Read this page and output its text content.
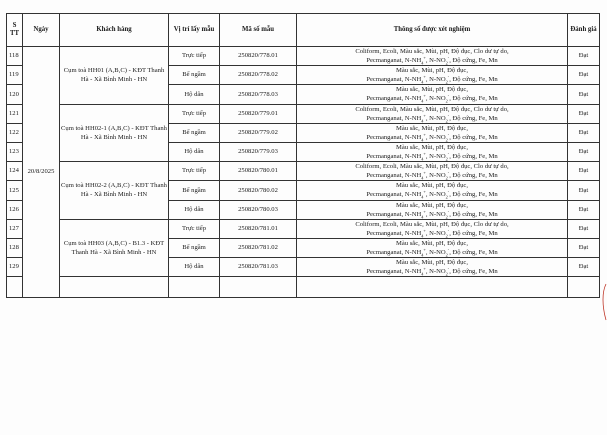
S TT	Ngày	Khách hàng	Vị trí lấy mẫu	Mã số mẫu	Thông số được xét nghiệm	Đánh giá
118	20/8/2025	Cụm toà HH01 (A,B,C) - KĐT Thanh Hà - Xã Bình Minh - HN	Trực tiếp	250820/778.01	Coliform, Ecoli, Màu sắc, Mùi, pH, Độ đục, Clo dư tự do,
Pecmanganat, $N-NH_4^+$, $N-NO_2^-$, Độ cứng, Fe, Mn	Đạt
119			Bể ngầm	250820/778.02	Màu sắc, Mùi, pH, Độ đục,
Pecmanganat, $N-NH_4^+$, $N-NO_2^-$, Độ cứng, Fe, Mn	Đạt
120			Hộ dân	250820/778.03	Màu sắc, Mùi, pH, Độ đục,
Pecmanganat, $N-NH_4^+$, $N-NO_2^-$, Độ cứng, Fe, Mn	Đạt
121		Cụm toà HH02-1 (A,B,C) - KĐT Thanh Hà - Xã Bình Minh - HN	Trực tiếp	250820/779.01	Coliform, Ecoli, Màu sắc, Mùi, pH, Độ đục, Clo dư tự do,
Pecmanganat, $N-NH_4^+$, $N-NO_2^-$, Độ cứng, Fe, Mn	Đạt
122			Bể ngầm	250820/779.02	Màu sắc, Mùi, pH, Độ đục,
Pecmanganat, $N-NH_4^+$, $N-NO_2^-$, Độ cứng, Fe, Mn	Đạt
123			Hộ dân	250820/779.03	Màu sắc, Mùi, pH, Độ đục,
Pecmanganat, $N-NH_4^+$, $N-NO_2^-$, Độ cứng, Fe, Mn	Đạt
124		Cụm toà HH02-2 (A,B,C) - KĐT Thanh Hà - Xã Bình Minh - HN	Trực tiếp	250820/780.01	Coliform, Ecoli, Màu sắc, Mùi, pH, Độ đục, Clo dư tự do,
Pecmanganat, $N-NH_4^+$, $N-NO_2^-$, Độ cứng, Fe, Mn	Đạt
125			Bể ngầm	250820/780.02	Màu sắc, Mùi, pH, Độ đục,
Pecmanganat, $N-NH_4^+$, $N-NO_2^-$, Độ cứng, Fe, Mn	Đạt
126			Hộ dân	250820/780.03	Màu sắc, Mùi, pH, Độ đục,
Pecmanganat, $N-NH_4^+$, $N-NO_2^-$, Độ cứng, Fe, Mn	Đạt
127		Cụm toà HH03 (A,B,C) - B1.3 - KĐT Thanh Hà - Xã Bình Minh - HN	Trực tiếp	250820/781.01	Coliform, Ecoli, Màu sắc, Mùi, pH, Độ đục, Clo dư tự do,
Pecmanganat, $N-NH_4^+$, $N-NO_2^-$, Độ cứng, Fe, Mn	Đạt
128			Bể ngầm	250820/781.02	Màu sắc, Mùi, pH, Độ đục,
Pecmanganat, $N-NH_4^+$, $N-NO_2^-$, Độ cứng, Fe, Mn	Đạt
129			Hộ dân	250820/781.03	Màu sắc, Mùi, pH, Độ đục,
Pecmanganat, $N-NH_4^+$, $N-NO_2^-$, Độ cứng, Fe, Mn	Đạt
